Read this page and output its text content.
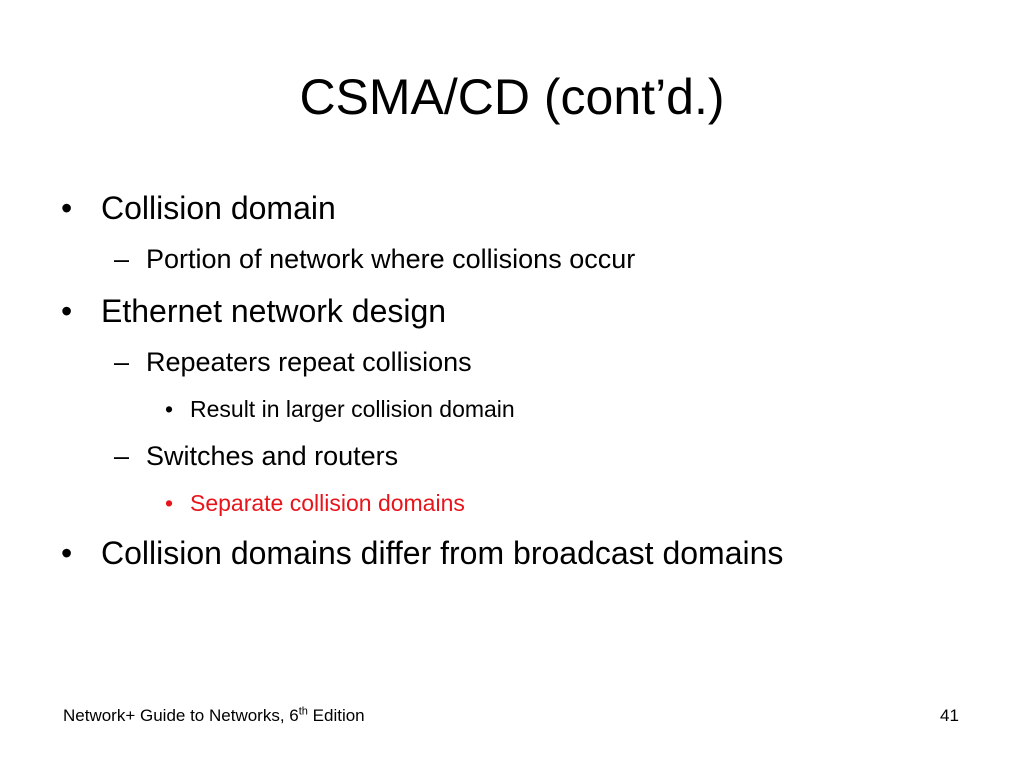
CSMA/CD (cont’d.)
• Collision domain
– Portion of network where collisions occur
• Ethernet network design
– Repeaters repeat collisions
• Result in larger collision domain
– Switches and routers
• Separate collision domains
• Collision domains differ from broadcast domains
Network+ Guide to Networks, 6th Edition	41
